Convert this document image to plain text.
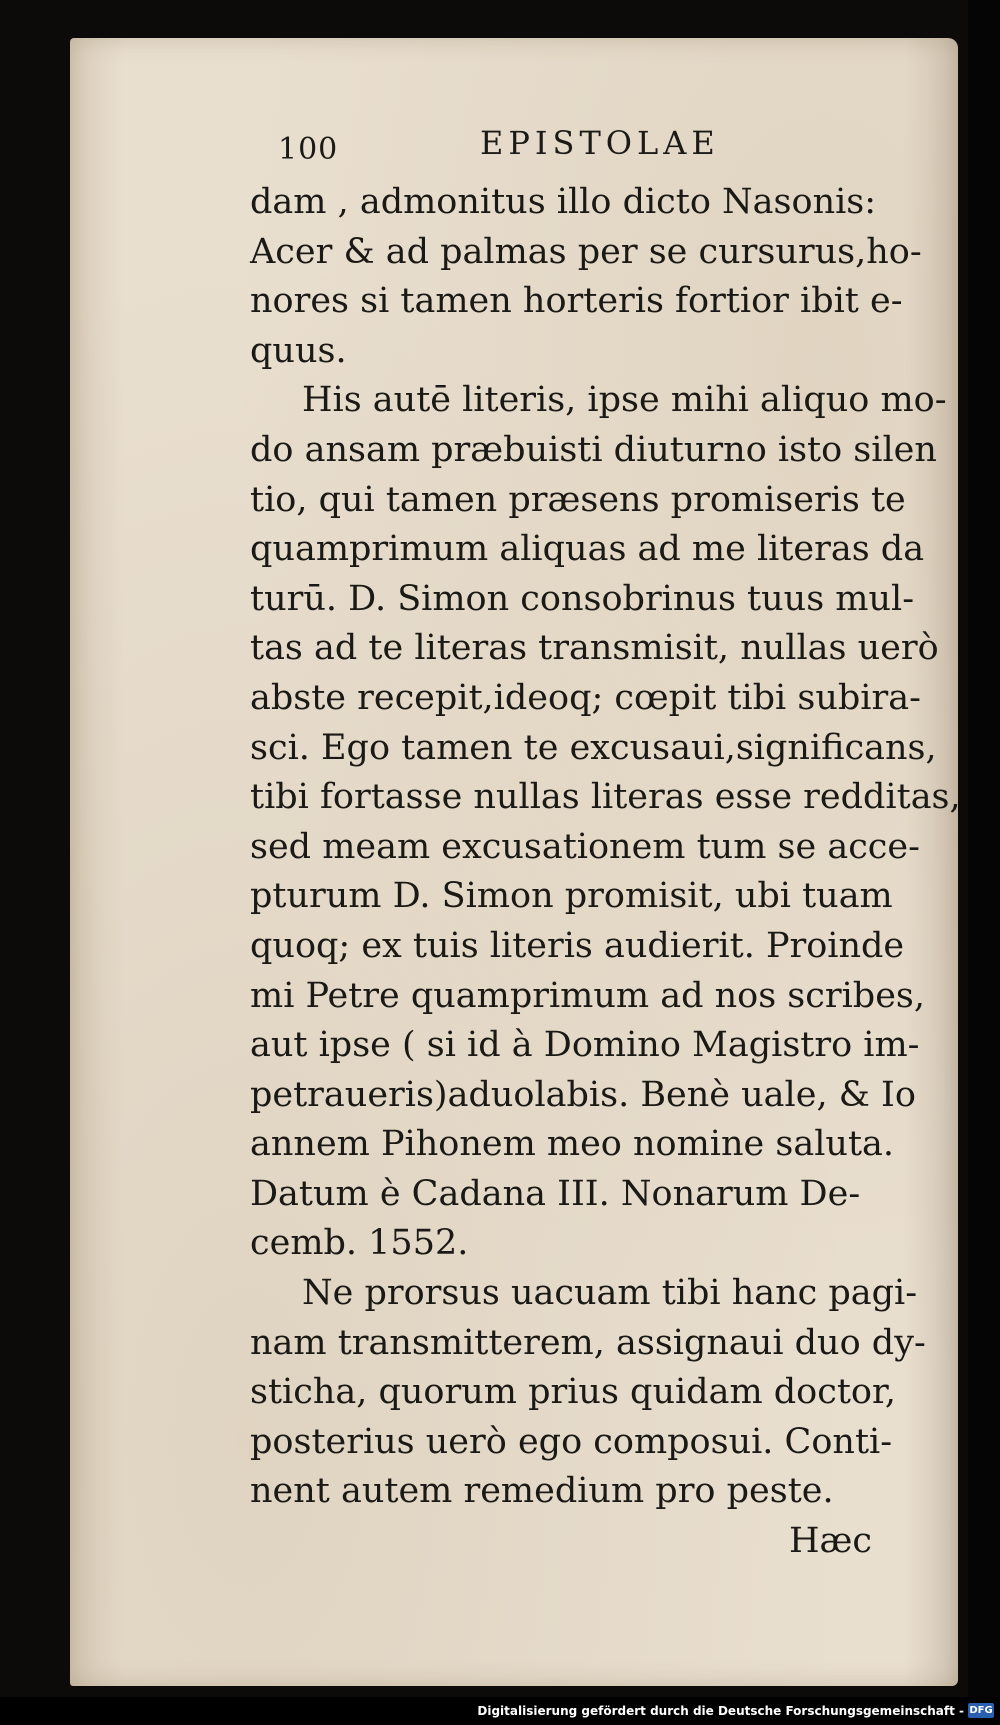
100	EPISTOLAE
dam , admonitus illo dicto Nasonis:
Acer & ad palmas per se cursurus,ho-
nores si tamen horteris fortior ibit e-
quus.
His autē literis, ipse mihi aliquo mo-
do ansam præbuisti diuturno isto silen
tio, qui tamen præsens promiseris te
quamprimum aliquas ad me literas da
turū. D. Simon consobrinus tuus mul-
tas ad te literas transmisit, nullas uerò
abste recepit,ideoq; cœpit tibi subira-
sci. Ego tamen te excusaui,significans,
tibi fortasse nullas literas esse redditas,
sed meam excusationem tum se acce-
pturum D. Simon promisit, ubi tuam
quoq; ex tuis literis audierit. Proinde
mi Petre quamprimum ad nos scribes,
aut ipse ( si id à Domino Magistro im-
petraueris)aduolabis. Benè uale, & Io
annem Pihonem meo nomine saluta.
Datum è Cadana III. Nonarum De-
cemb. 1552.
Ne prorsus uacuam tibi hanc pagi-
nam transmitterem, assignaui duo dy-
sticha, quorum prius quidam doctor,
posterius uerò ego composui. Conti-
nent autem remedium pro peste.
Hæc
Digitalisierung gefördert durch die Deutsche Forschungsgemeinschaft - DFG
